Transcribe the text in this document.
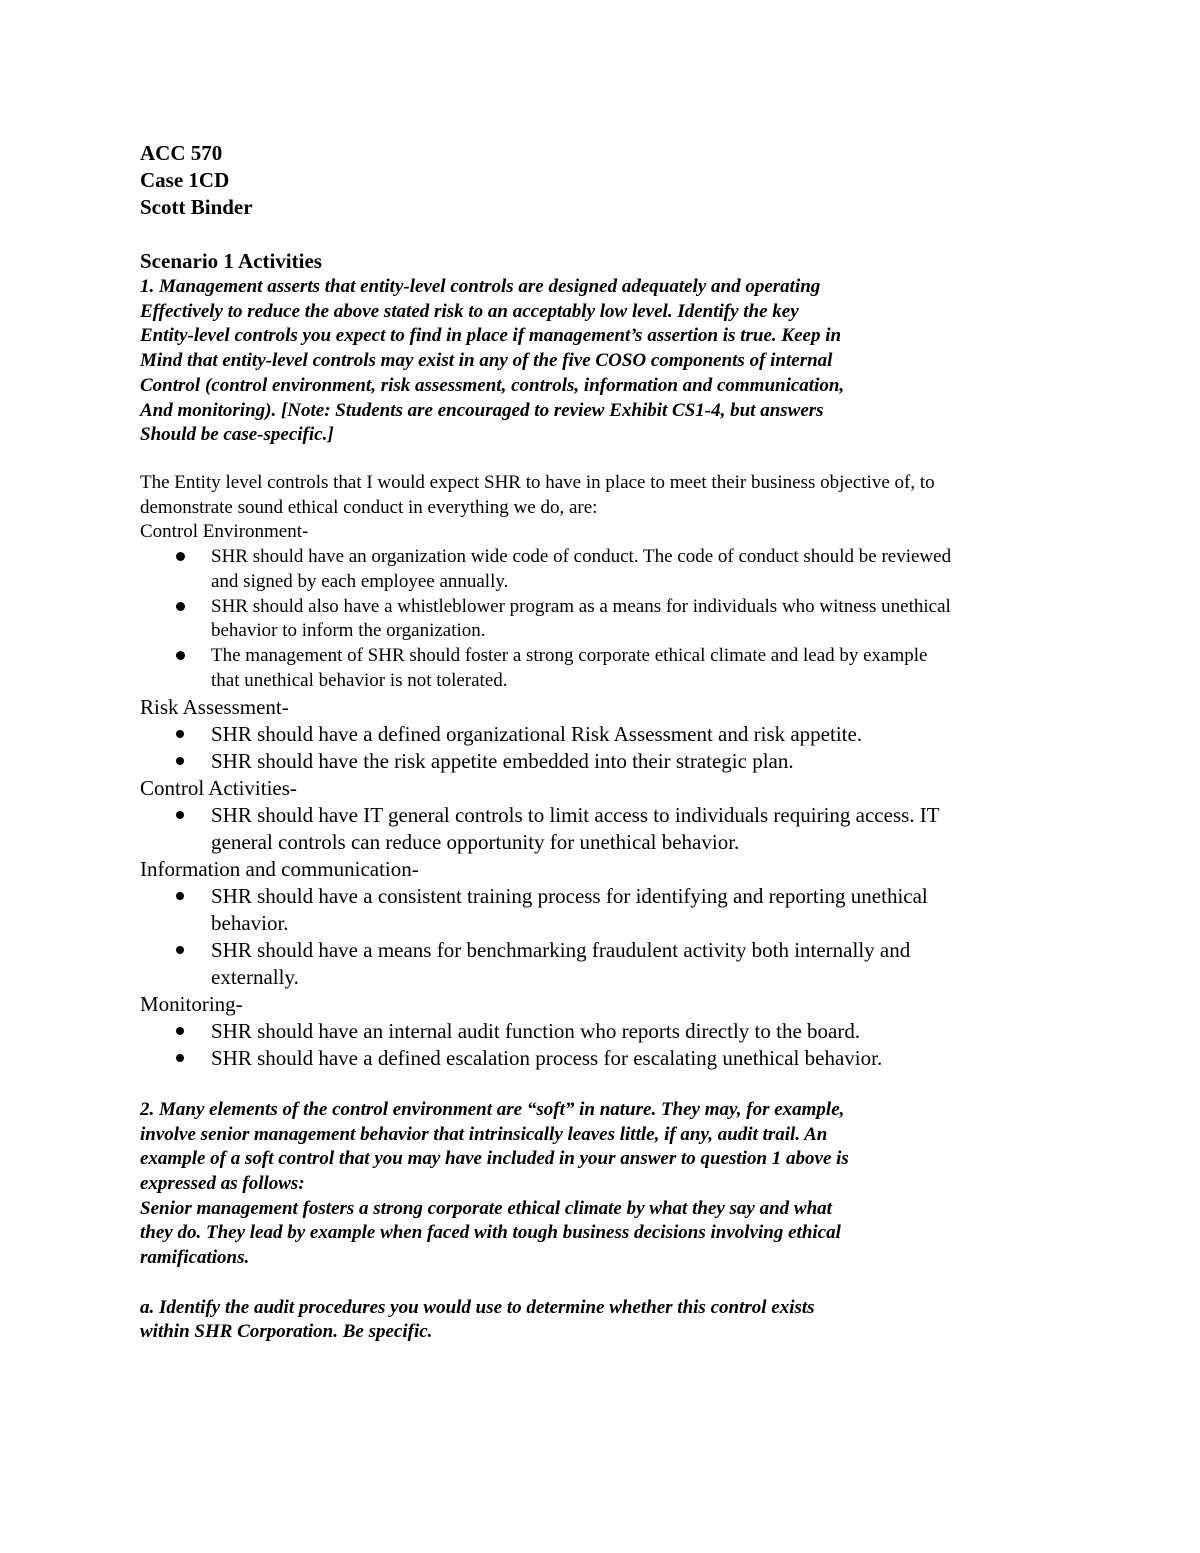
ACC 570

Case 1CD

Scott Binder

Scenario 1 Activities

1. Management asserts that entity-level controls are designed adequately and operating

Effectively to reduce the above stated risk to an acceptably low level. Identify the key

Entity-level controls you expect to find in place if management’s assertion is true. Keep in

Mind that entity-level controls may exist in any of the five COSO components of internal

Control (control environment, risk assessment, controls, information and communication,

And monitoring). [Note: Students are encouraged to review Exhibit CS1-4, but answers

Should be case-specific.]

The Entity level controls that I would expect SHR to have in place to meet their business objective of, to

demonstrate sound ethical conduct in everything we do, are:

Control Environment-

SHR should have an organization wide code of conduct. The code of conduct should be reviewed
and signed by each employee annually.
SHR should also have a whistleblower program as a means for individuals who witness unethical
behavior to inform the organization.
The management of SHR should foster a strong corporate ethical climate and lead by example
that unethical behavior is not tolerated.

Risk Assessment-

SHR should have a defined organizational Risk Assessment and risk appetite.
SHR should have the risk appetite embedded into their strategic plan.

Control Activities-

SHR should have IT general controls to limit access to individuals requiring access. IT
general controls can reduce opportunity for unethical behavior.

Information and communication-

SHR should have a consistent training process for identifying and reporting unethical
behavior.
SHR should have a means for benchmarking fraudulent activity both internally and
externally.

Monitoring-

SHR should have an internal audit function who reports directly to the board.
SHR should have a defined escalation process for escalating unethical behavior.

2. Many elements of the control environment are “soft” in nature. They may, for example,

involve senior management behavior that intrinsically leaves little, if any, audit trail. An

example of a soft control that you may have included in your answer to question 1 above is

expressed as follows:

Senior management fosters a strong corporate ethical climate by what they say and what

they do. They lead by example when faced with tough business decisions involving ethical

ramifications.

a. Identify the audit procedures you would use to determine whether this control exists

within SHR Corporation. Be specific.
